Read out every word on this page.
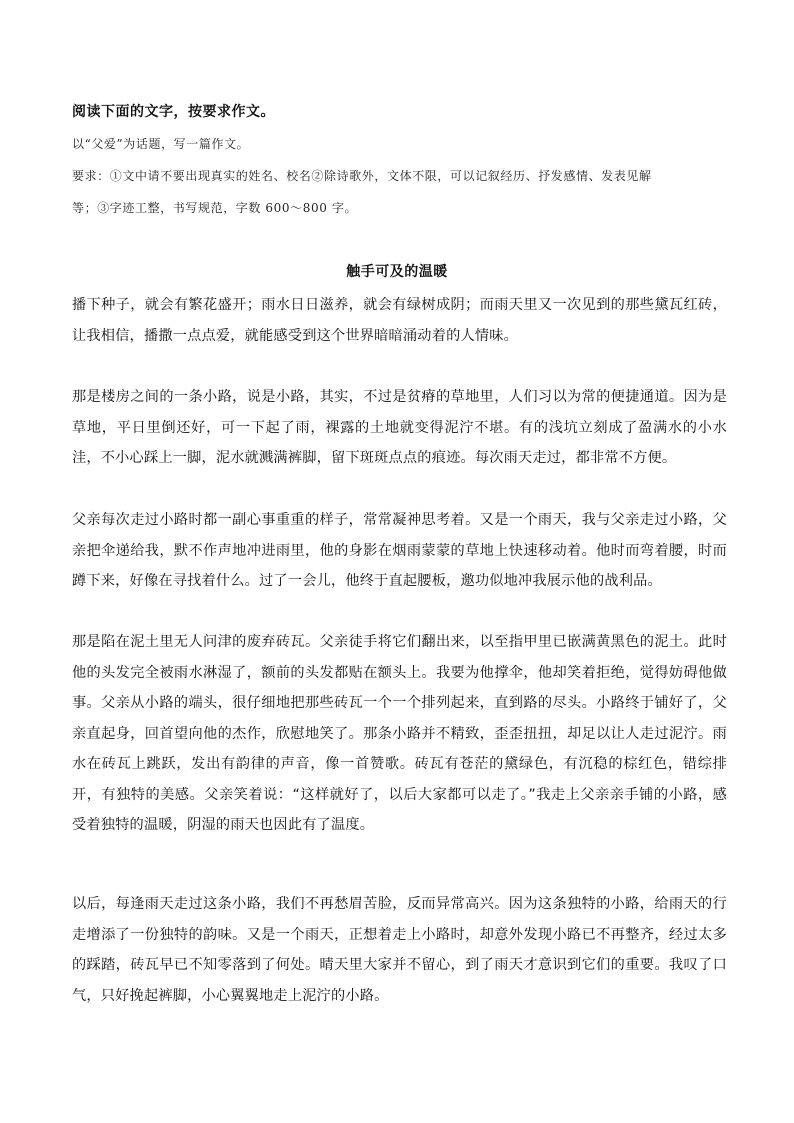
阅读下面的文字，按要求作文。
以“父爱”为话题，写一篇作文。
要求：①文中请不要出现真实的姓名、校名②除诗歌外，文体不限，可以记叙经历、抒发感情、发表见解
等；③字迹工整，书写规范，字数 600～800 字。
触手可及的温暖

播下种子，就会有繁花盛开；雨水日日滋养，就会有绿树成阴；而雨天里又一次见到的那些黛瓦红砖，让我相信，播撒一点点爱，就能感受到这个世界暗暗涌动着的人情味。

那是楼房之间的一条小路，说是小路，其实，不过是贫瘠的草地里，人们习以为常的便捷通道。因为是草地，平日里倒还好，可一下起了雨，裸露的土地就变得泥泞不堪。有的浅坑立刻成了盈满水的小水洼，不小心踩上一脚，泥水就溅满裤脚，留下斑斑点点的痕迹。每次雨天走过，都非常不方便。

父亲每次走过小路时都一副心事重重的样子，常常凝神思考着。又是一个雨天，我与父亲走过小路，父亲把伞递给我，默不作声地冲进雨里，他的身影在烟雨蒙蒙的草地上快速移动着。他时而弯着腰，时而蹲下来，好像在寻找着什么。过了一会儿，他终于直起腰板，邀功似地冲我展示他的战利品。

那是陷在泥土里无人问津的废弃砖瓦。父亲徒手将它们翻出来，以至指甲里已嵌满黄黑色的泥土。此时他的头发完全被雨水淋湿了，额前的头发都贴在额头上。我要为他撑伞，他却笑着拒绝，觉得妨碍他做事。父亲从小路的端头，很仔细地把那些砖瓦一个一个排列起来，直到路的尽头。小路终于铺好了，父亲直起身，回首望向他的杰作，欣慰地笑了。那条小路并不精致，歪歪扭扭，却足以让人走过泥泞。雨水在砖瓦上跳跃，发出有韵律的声音，像一首赞歌。砖瓦有苍茫的黛绿色，有沉稳的棕红色，错综排开，有独特的美感。父亲笑着说：“这样就好了，以后大家都可以走了。”我走上父亲亲手铺的小路，感受着独特的温暖，阴湿的雨天也因此有了温度。

以后，每逢雨天走过这条小路，我们不再愁眉苦脸，反而异常高兴。因为这条独特的小路，给雨天的行走增添了一份独特的韵味。又是一个雨天，正想着走上小路时，却意外发现小路已不再整齐，经过太多的踩踏，砖瓦早已不知零落到了何处。晴天里大家并不留心，到了雨天才意识到它们的重要。我叹了口气，只好挽起裤脚，小心翼翼地走上泥泞的小路。
